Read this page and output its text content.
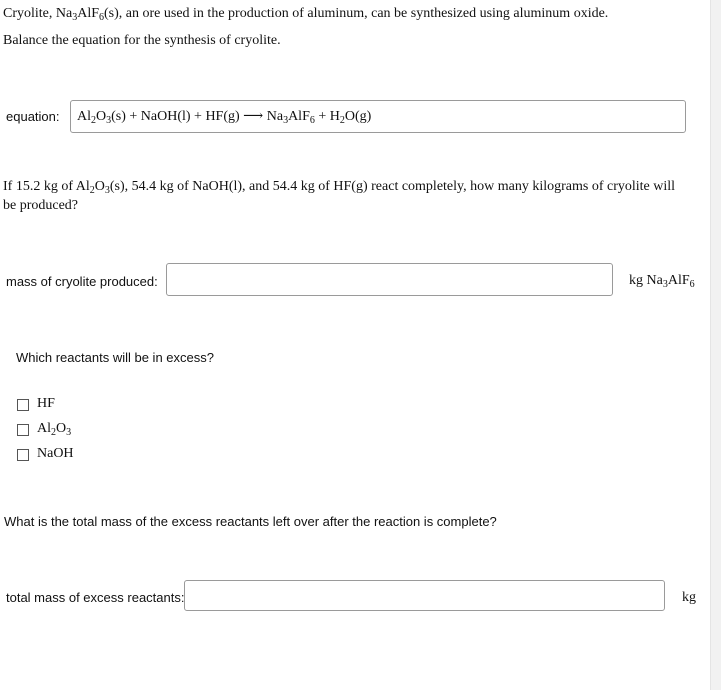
Cryolite, $Na_3AlF_6(s)$, an ore used in the production of aluminum, can be synthesized using aluminum oxide.
Balance the equation for the synthesis of cryolite.
equation: $Al_2O_3(s)$ + NaOH(l) + HF(g) ⟶ $Na_3AlF_6 + H_2O(g)$
If 15.2 kg of $Al_2O_3(s)$, 54.4 kg of NaOH(l), and 54.4 kg of HF(g) react completely, how many kilograms of cryolite will
be produced?
mass of cryolite produced:	kg $Na_3AlF_6$
Which reactants will be in excess?
HF
$Al_2O_3$
NaOH
What is the total mass of the excess reactants left over after the reaction is complete?
total mass of excess reactants:	kg
